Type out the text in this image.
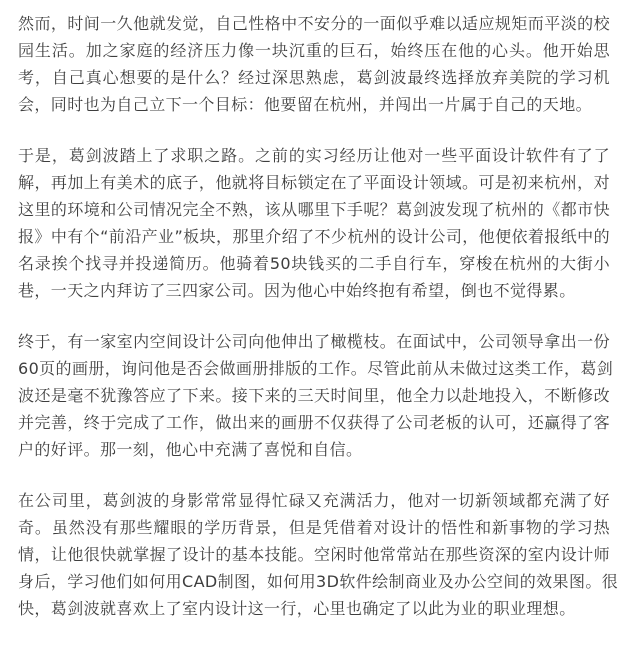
然而，时间一久他就发觉，自己性格中不安分的一面似乎难以适应规矩而平淡的校
园生活。加之家庭的经济压力像一块沉重的巨石，始终压在他的心头。他开始思
考，自己真心想要的是什么？经过深思熟虑，葛剑波最终选择放弃美院的学习机
会，同时也为自己立下一个目标：他要留在杭州，并闯出一片属于自己的天地。

于是，葛剑波踏上了求职之路。之前的实习经历让他对一些平面设计软件有了了
解，再加上有美术的底子，他就将目标锁定在了平面设计领域。可是初来杭州，对
这里的环境和公司情况完全不熟，该从哪里下手呢？葛剑波发现了杭州的《都市快
报》中有个“前沿产业”板块，那里介绍了不少杭州的设计公司，他便依着报纸中的
名录挨个找寻并投递简历。他骑着50块钱买的二手自行车，穿梭在杭州的大街小
巷，一天之内拜访了三四家公司。因为他心中始终抱有希望，倒也不觉得累。

终于，有一家室内空间设计公司向他伸出了橄榄枝。在面试中，公司领导拿出一份
60页的画册，询问他是否会做画册排版的工作。尽管此前从未做过这类工作，葛剑
波还是毫不犹豫答应了下来。接下来的三天时间里，他全力以赴地投入，不断修改
并完善，终于完成了工作，做出来的画册不仅获得了公司老板的认可，还赢得了客
户的好评。那一刻，他心中充满了喜悦和自信。

在公司里，葛剑波的身影常常显得忙碌又充满活力，他对一切新领域都充满了好
奇。虽然没有那些耀眼的学历背景，但是凭借着对设计的悟性和新事物的学习热
情，让他很快就掌握了设计的基本技能。空闲时他常常站在那些资深的室内设计师
身后，学习他们如何用CAD制图，如何用3D软件绘制商业及办公空间的效果图。很
快，葛剑波就喜欢上了室内设计这一行，心里也确定了以此为业的职业理想。
